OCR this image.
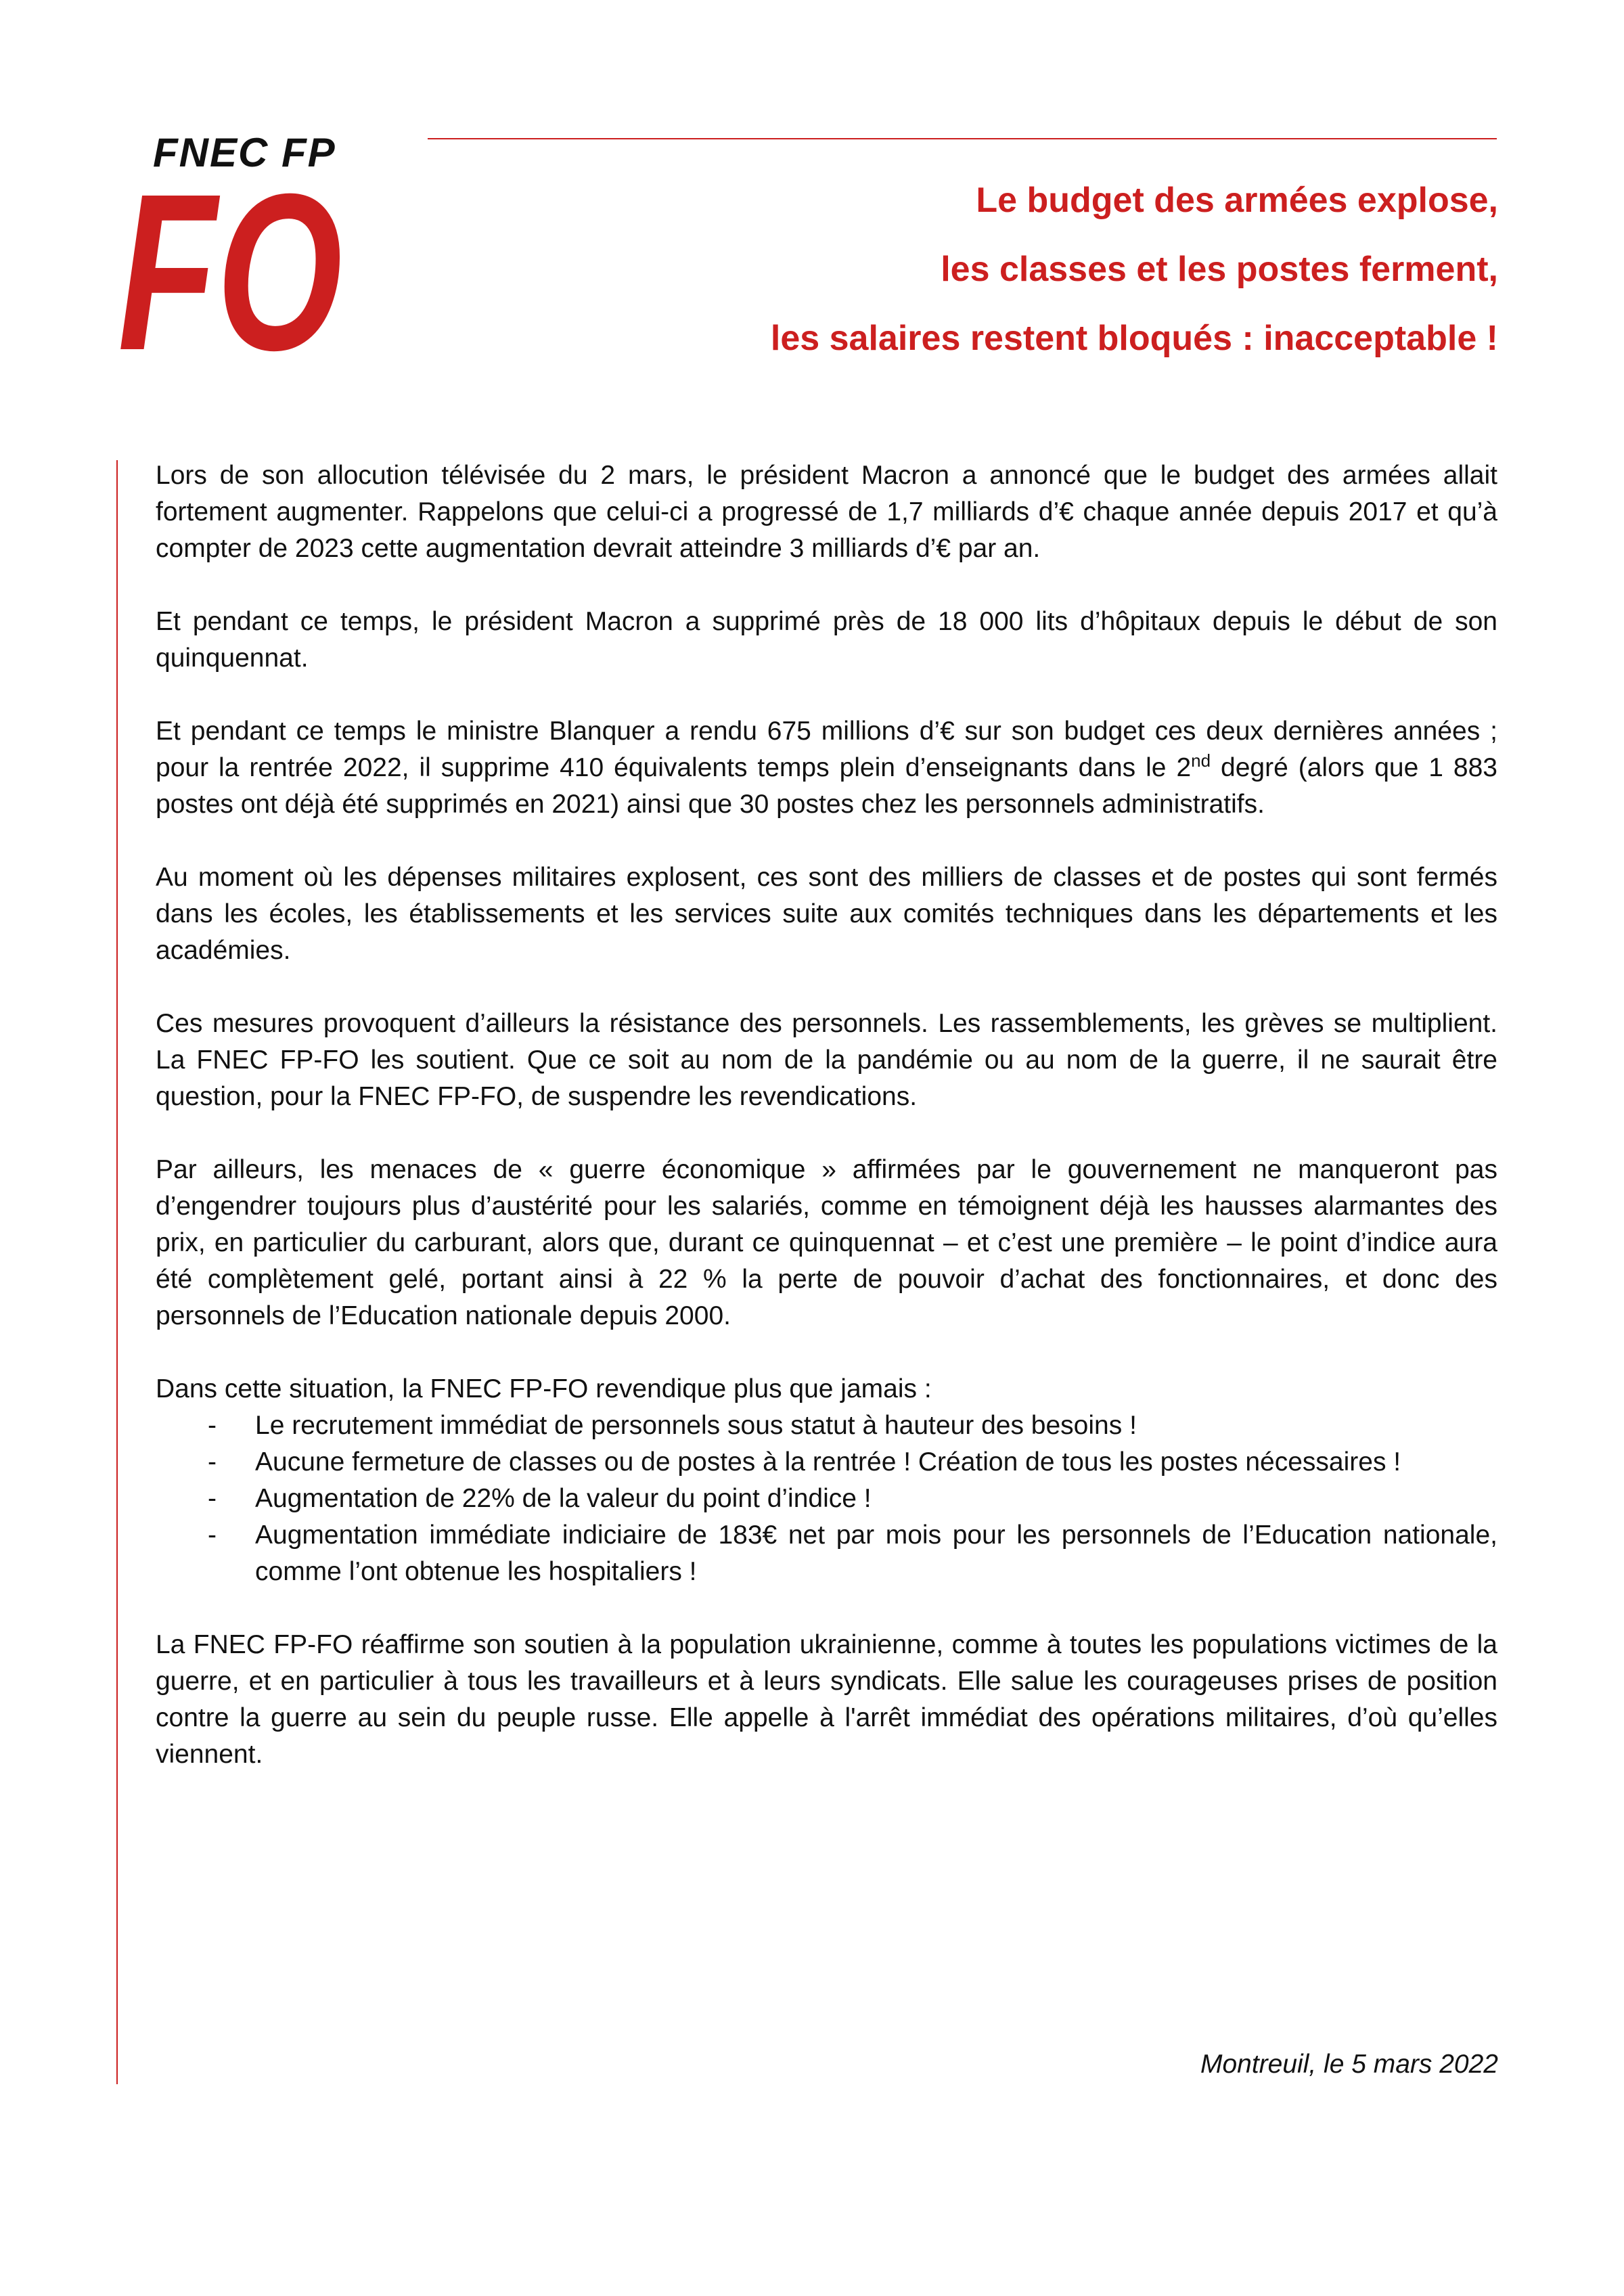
FNEC FP
FO	Le budget des armées explose,
les classes et les postes ferment,
les salaires restent bloqués : inacceptable !

Lors de son allocution télévisée du 2 mars, le président Macron a annoncé que le budget des armées allait fortement augmenter. Rappelons que celui-ci a progressé de 1,7 milliards d’€ chaque année depuis 2017 et qu’à compter de 2023 cette augmentation devrait atteindre 3 milliards d’€ par an.

Et pendant ce temps, le président Macron a supprimé près de 18 000 lits d’hôpitaux depuis le début de son quinquennat.

Et pendant ce temps le ministre Blanquer a rendu 675 millions d’€ sur son budget ces deux dernières années ; pour la rentrée 2022, il supprime 410 équivalents temps plein d’enseignants dans le 2nd degré (alors que 1 883 postes ont déjà été supprimés en 2021) ainsi que 30 postes chez les personnels administratifs.

Au moment où les dépenses militaires explosent, ces sont des milliers de classes et de postes qui sont fermés dans les écoles, les établissements et les services suite aux comités techniques dans les départements et les académies.

Ces mesures provoquent d’ailleurs la résistance des personnels. Les rassemblements, les grèves se multiplient. La FNEC FP-FO les soutient. Que ce soit au nom de la pandémie ou au nom de la guerre, il ne saurait être question, pour la FNEC FP-FO, de suspendre les revendications.

Par ailleurs, les menaces de « guerre économique » affirmées par le gouvernement ne manqueront pas d’engendrer toujours plus d’austérité pour les salariés, comme en témoignent déjà les hausses alarmantes des prix, en particulier du carburant, alors que, durant ce quinquennat – et c’est une première – le point d’indice aura été complètement gelé, portant ainsi à 22 % la perte de pouvoir d’achat des fonctionnaires, et donc des personnels de l’Education nationale depuis 2000.

Dans cette situation, la FNEC FP-FO revendique plus que jamais :

- Le recrutement immédiat de personnels sous statut à hauteur des besoins !
- Aucune fermeture de classes ou de postes à la rentrée ! Création de tous les postes nécessaires !
- Augmentation de 22% de la valeur du point d’indice !
- Augmentation immédiate indiciaire de 183€ net par mois pour les personnels de l’Education nationale, comme l’ont obtenue les hospitaliers !

La FNEC FP-FO réaffirme son soutien à la population ukrainienne, comme à toutes les populations victimes de la guerre, et en particulier à tous les travailleurs et à leurs syndicats. Elle salue les courageuses prises de position contre la guerre au sein du peuple russe. Elle appelle à l'arrêt immédiat des opérations militaires, d’où qu’elles viennent.

Montreuil, le 5 mars 2022
